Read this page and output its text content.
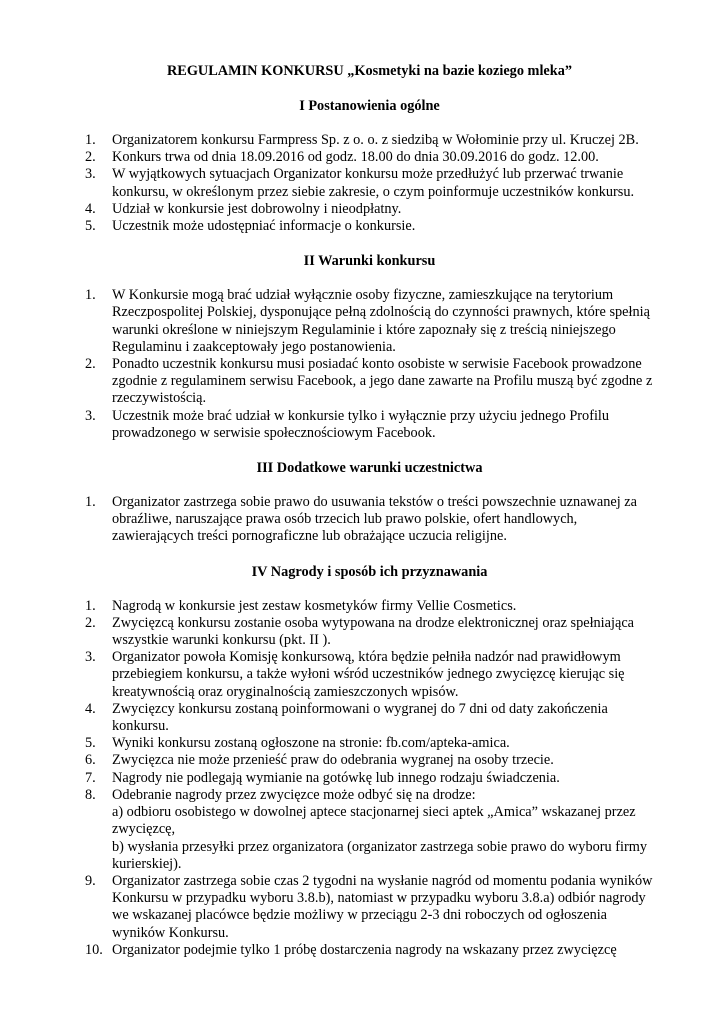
REGULAMIN KONKURSU „Kosmetyki na bazie koziego mleka”
I Postanowienia ogólne
1. Organizatorem konkursu Farmpress Sp. z o. o. z siedzibą w Wołominie przy ul. Kruczej 2B.
2. Konkurs trwa od dnia 18.09.2016 od godz. 18.00 do dnia 30.09.2016 do godz. 12.00.
3. W wyjątkowych sytuacjach Organizator konkursu może przedłużyć lub przerwać trwanie konkursu, w określonym przez siebie zakresie, o czym poinformuje uczestników konkursu.
4. Udział w konkursie jest dobrowolny i nieodpłatny.
5. Uczestnik może udostępniać informacje o konkursie.
II Warunki konkursu
1. W Konkursie mogą brać udział wyłącznie osoby fizyczne, zamieszkujące na terytorium Rzeczpospolitej Polskiej, dysponujące pełną zdolnością do czynności prawnych, które spełnią warunki określone w niniejszym Regulaminie i które zapoznały się z treścią niniejszego Regulaminu i zaakceptowały jego postanowienia.
2. Ponadto uczestnik konkursu musi posiadać konto osobiste w serwisie Facebook prowadzone zgodnie z regulaminem serwisu Facebook, a jego dane zawarte na Profilu muszą być zgodne z rzeczywistością.
3. Uczestnik może brać udział w konkursie tylko i wyłącznie przy użyciu jednego Profilu prowadzonego w serwisie społecznościowym Facebook.
III Dodatkowe warunki uczestnictwa
1. Organizator zastrzega sobie prawo do usuwania tekstów o treści powszechnie uznawanej za obraźliwe, naruszające prawa osób trzecich lub prawo polskie, ofert handlowych, zawierających treści pornograficzne lub obrażające uczucia religijne.
IV Nagrody i sposób ich przyznawania
1. Nagrodą w konkursie jest zestaw kosmetyków firmy Vellie Cosmetics.
2. Zwycięzcą konkursu zostanie osoba wytypowana na drodze elektronicznej oraz spełniająca wszystkie warunki konkursu (pkt. II ).
3. Organizator powoła Komisję konkursową, która będzie pełniła nadzór nad prawidłowym przebiegiem konkursu, a także wyłoni wśród uczestników jednego zwycięzcę kierując się kreatywnością oraz oryginalnością zamieszczonych wpisów.
4. Zwycięzcy konkursu zostaną poinformowani o wygranej do 7 dni od daty zakończenia konkursu.
5. Wyniki konkursu zostaną ogłoszone na stronie: fb.com/apteka-amica.
6. Zwycięzca nie może przenieść praw do odebrania wygranej na osoby trzecie.
7. Nagrody nie podlegają wymianie na gotówkę lub innego rodzaju świadczenia.
8. Odebranie nagrody przez zwycięzce może odbyć się na drodze:
a) odbioru osobistego w dowolnej aptece stacjonarnej sieci aptek „Amica” wskazanej przez zwycięzcę,
b) wysłania przesyłki przez organizatora (organizator zastrzega sobie prawo do wyboru firmy kurierskiej).
9. Organizator zastrzega sobie czas 2 tygodni na wysłanie nagród od momentu podania wyników Konkursu w przypadku wyboru 3.8.b), natomiast w przypadku wyboru 3.8.a) odbiór nagrody we wskazanej placówce będzie możliwy w przeciągu 2-3 dni roboczych od ogłoszenia wyników Konkursu.
10. Organizator podejmie tylko 1 próbę dostarczenia nagrody na wskazany przez zwycięzcę
